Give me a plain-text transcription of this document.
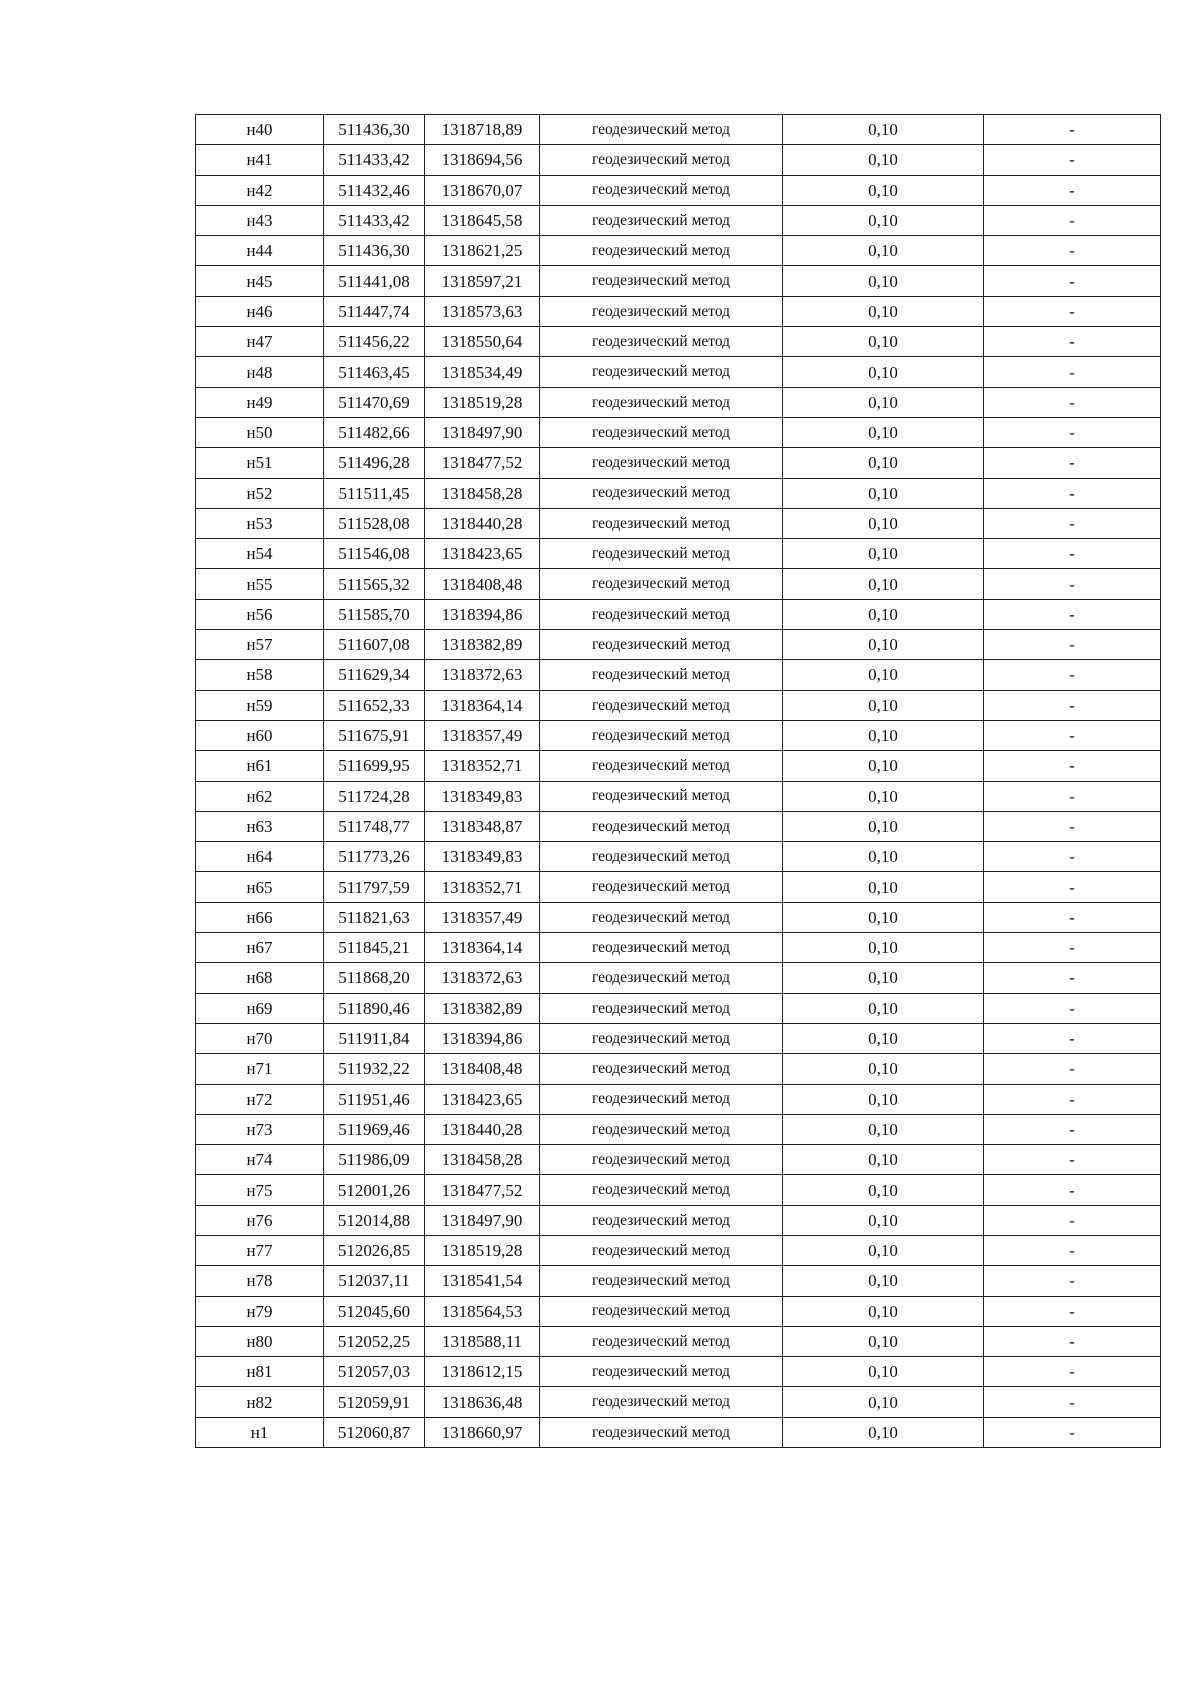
н40	511436,30	1318718,89	геодезический метод	0,10	-
н41	511433,42	1318694,56	геодезический метод	0,10	-
н42	511432,46	1318670,07	геодезический метод	0,10	-
н43	511433,42	1318645,58	геодезический метод	0,10	-
н44	511436,30	1318621,25	геодезический метод	0,10	-
н45	511441,08	1318597,21	геодезический метод	0,10	-
н46	511447,74	1318573,63	геодезический метод	0,10	-
н47	511456,22	1318550,64	геодезический метод	0,10	-
н48	511463,45	1318534,49	геодезический метод	0,10	-
н49	511470,69	1318519,28	геодезический метод	0,10	-
н50	511482,66	1318497,90	геодезический метод	0,10	-
н51	511496,28	1318477,52	геодезический метод	0,10	-
н52	511511,45	1318458,28	геодезический метод	0,10	-
н53	511528,08	1318440,28	геодезический метод	0,10	-
н54	511546,08	1318423,65	геодезический метод	0,10	-
н55	511565,32	1318408,48	геодезический метод	0,10	-
н56	511585,70	1318394,86	геодезический метод	0,10	-
н57	511607,08	1318382,89	геодезический метод	0,10	-
н58	511629,34	1318372,63	геодезический метод	0,10	-
н59	511652,33	1318364,14	геодезический метод	0,10	-
н60	511675,91	1318357,49	геодезический метод	0,10	-
н61	511699,95	1318352,71	геодезический метод	0,10	-
н62	511724,28	1318349,83	геодезический метод	0,10	-
н63	511748,77	1318348,87	геодезический метод	0,10	-
н64	511773,26	1318349,83	геодезический метод	0,10	-
н65	511797,59	1318352,71	геодезический метод	0,10	-
н66	511821,63	1318357,49	геодезический метод	0,10	-
н67	511845,21	1318364,14	геодезический метод	0,10	-
н68	511868,20	1318372,63	геодезический метод	0,10	-
н69	511890,46	1318382,89	геодезический метод	0,10	-
н70	511911,84	1318394,86	геодезический метод	0,10	-
н71	511932,22	1318408,48	геодезический метод	0,10	-
н72	511951,46	1318423,65	геодезический метод	0,10	-
н73	511969,46	1318440,28	геодезический метод	0,10	-
н74	511986,09	1318458,28	геодезический метод	0,10	-
н75	512001,26	1318477,52	геодезический метод	0,10	-
н76	512014,88	1318497,90	геодезический метод	0,10	-
н77	512026,85	1318519,28	геодезический метод	0,10	-
н78	512037,11	1318541,54	геодезический метод	0,10	-
н79	512045,60	1318564,53	геодезический метод	0,10	-
н80	512052,25	1318588,11	геодезический метод	0,10	-
н81	512057,03	1318612,15	геодезический метод	0,10	-
н82	512059,91	1318636,48	геодезический метод	0,10	-
н1	512060,87	1318660,97	геодезический метод	0,10	-
